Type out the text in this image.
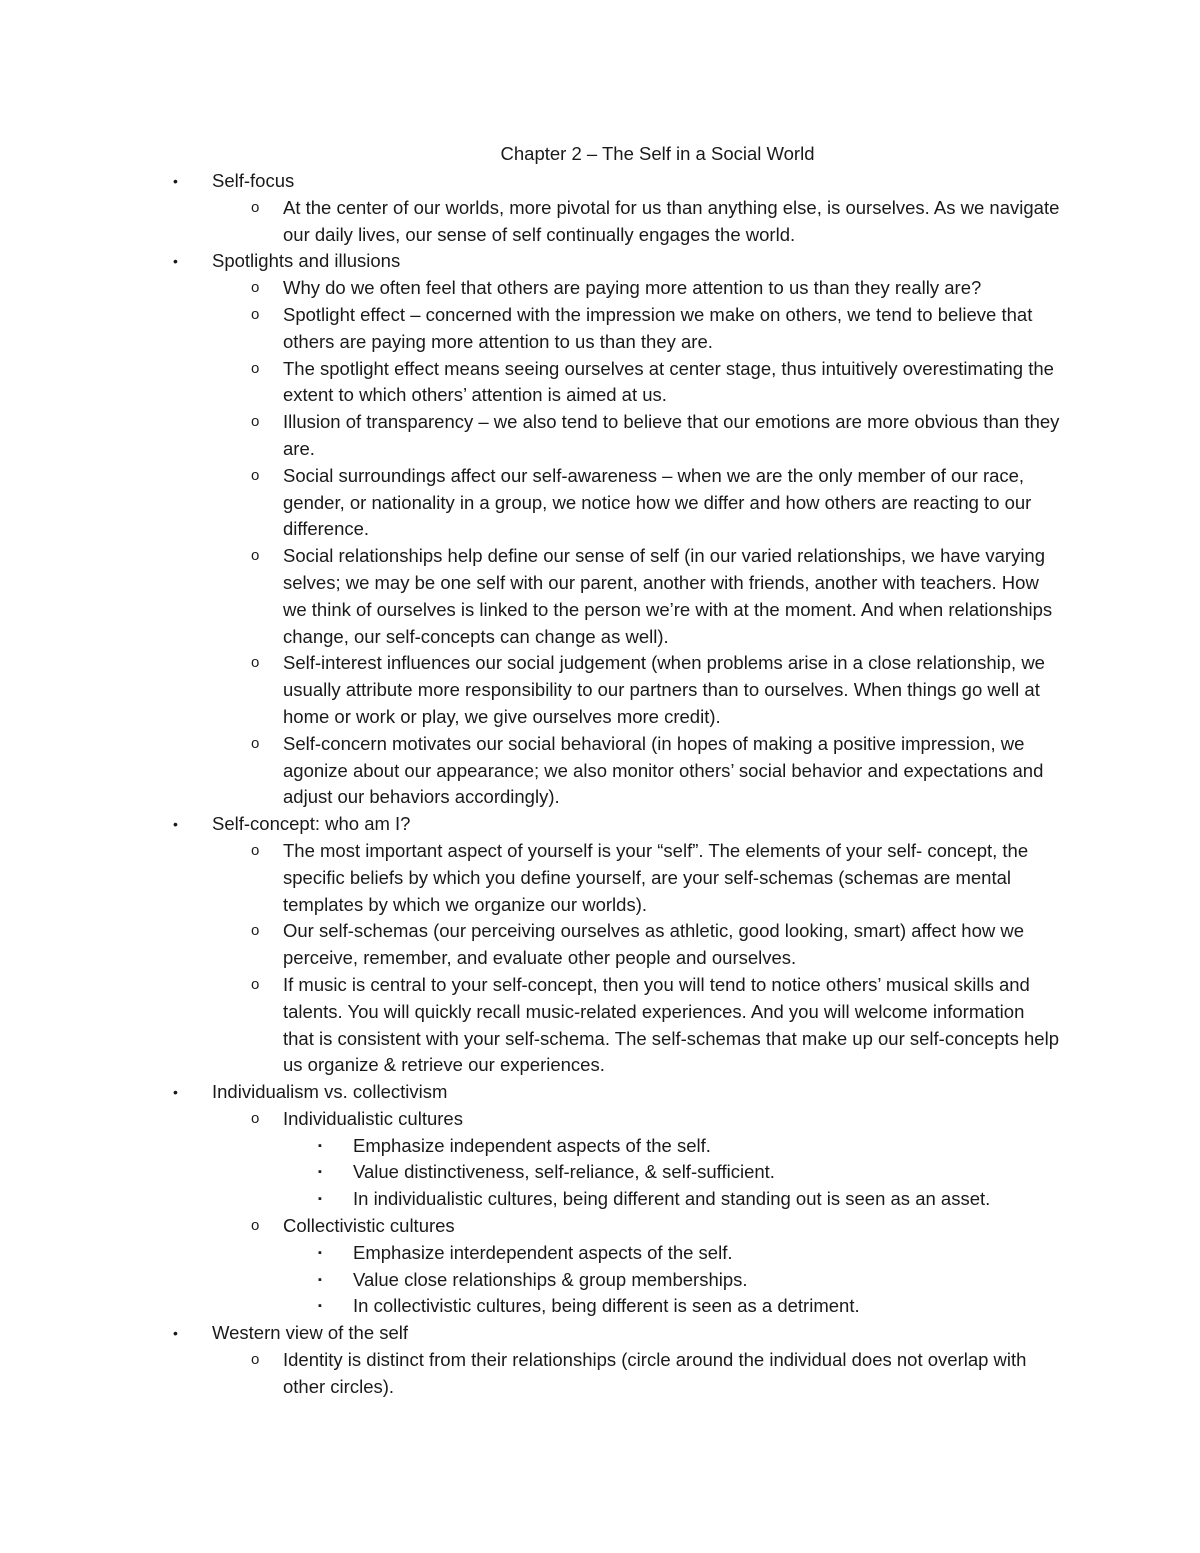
Chapter 2 – The Self in a Social World
• Self-focus
o At the center of our worlds, more pivotal for us than anything else, is ourselves. As we navigate our daily lives, our sense of self continually engages the world.
• Spotlights and illusions
o Why do we often feel that others are paying more attention to us than they really are?
o Spotlight effect – concerned with the impression we make on others, we tend to believe that others are paying more attention to us than they are.
o The spotlight effect means seeing ourselves at center stage, thus intuitively overestimating the extent to which others’ attention is aimed at us.
o Illusion of transparency – we also tend to believe that our emotions are more obvious than they are.
o Social surroundings affect our self-awareness – when we are the only member of our race, gender, or nationality in a group, we notice how we differ and how others are reacting to our difference.
o Social relationships help define our sense of self (in our varied relationships, we have varying selves; we may be one self with our parent, another with friends, another with teachers. How we think of ourselves is linked to the person we’re with at the moment. And when relationships change, our self-concepts can change as well).
o Self-interest influences our social judgement (when problems arise in a close relationship, we usually attribute more responsibility to our partners than to ourselves. When things go well at home or work or play, we give ourselves more credit).
o Self-concern motivates our social behavioral (in hopes of making a positive impression, we agonize about our appearance; we also monitor others’ social behavior and expectations and adjust our behaviors accordingly).
• Self-concept: who am I?
o The most important aspect of yourself is your “self”. The elements of your self- concept, the specific beliefs by which you define yourself, are your self-schemas (schemas are mental templates by which we organize our worlds).
o Our self-schemas (our perceiving ourselves as athletic, good looking, smart) affect how we perceive, remember, and evaluate other people and ourselves.
o If music is central to your self-concept, then you will tend to notice others’ musical skills and talents. You will quickly recall music-related experiences. And you will welcome information that is consistent with your self-schema. The self-schemas that make up our self-concepts help us organize & retrieve our experiences.
• Individualism vs. collectivism
o Individualistic cultures
▪ Emphasize independent aspects of the self.
▪ Value distinctiveness, self-reliance, & self-sufficient.
▪ In individualistic cultures, being different and standing out is seen as an asset.
o Collectivistic cultures
▪ Emphasize interdependent aspects of the self.
▪ Value close relationships & group memberships.
▪ In collectivistic cultures, being different is seen as a detriment.
• Western view of the self
o Identity is distinct from their relationships (circle around the individual does not overlap with other circles).
